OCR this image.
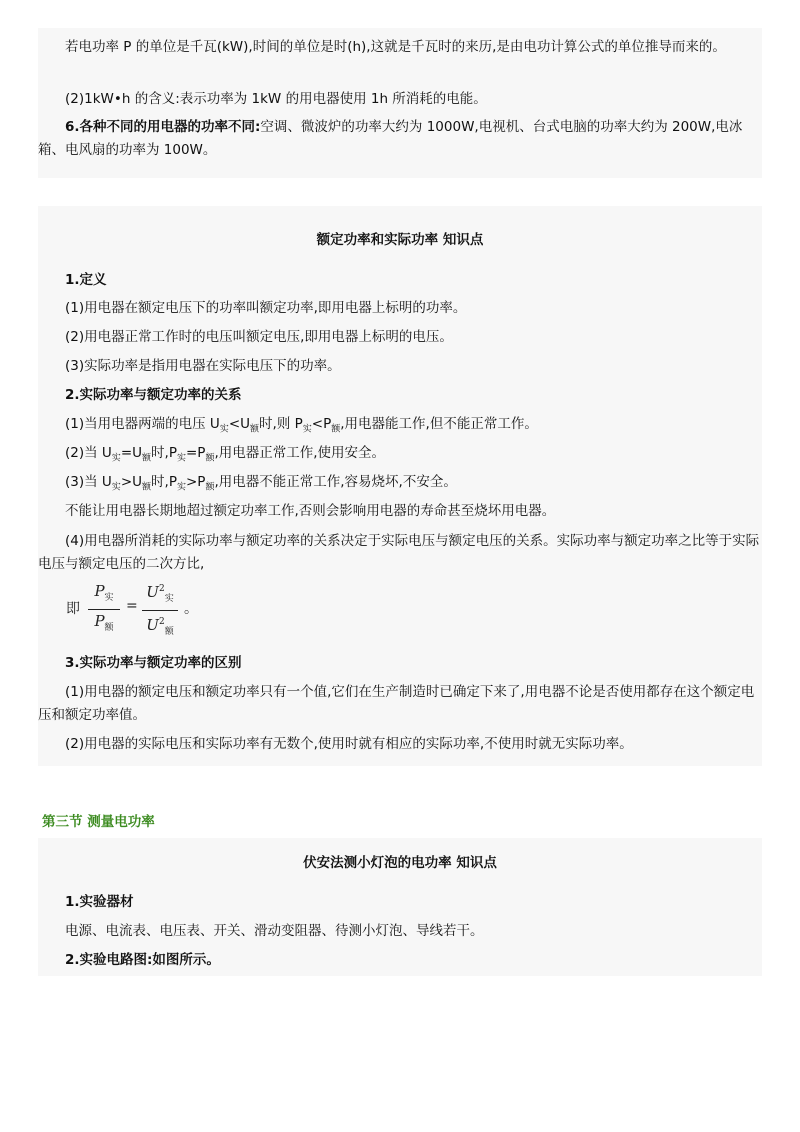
若电功率 P 的单位是千瓦(kW),时间的单位是时(h),这就是千瓦时的来历,是由电功计算公式的单位推导而来的。

(2)1kW•h 的含义:表示功率为 1kW 的用电器使用 1h 所消耗的电能。

6.各种不同的用电器的功率不同:空调、微波炉的功率大约为 1000W,电视机、台式电脑的功率大约为 200W,电冰箱、电风扇的功率为 100W。

额定功率和实际功率 知识点

1.定义

(1)用电器在额定电压下的功率叫额定功率,即用电器上标明的功率。

(2)用电器正常工作时的电压叫额定电压,即用电器上标明的电压。

(3)实际功率是指用电器在实际电压下的功率。

2.实际功率与额定功率的关系

(1)当用电器两端的电压 $U_实<U_额$时,则 $P_实<P_额$,用电器能工作,但不能正常工作。

(2)当 $U_实=U_额$时$,P_实=P_额$,用电器正常工作,使用安全。

(3)当 $U_实>U_额$时$,P_实>P_额$,用电器不能正常工作,容易烧坏,不安全。

不能让用电器长期地超过额定功率工作,否则会影响用电器的寿命甚至烧坏用电器。

(4)用电器所消耗的实际功率与额定功率的关系决定于实际电压与额定电压的关系。实际功率与额定功率之比等于实际电压与额定电压的二次方比,

即
$P_实$
$P_额$
=
$U^2_实$
$U^2_额$
。

3.实际功率与额定功率的区别

(1)用电器的额定电压和额定功率只有一个值,它们在生产制造时已确定下来了,用电器不论是否使用都存在这个额定电压和额定功率值。

(2)用电器的实际电压和实际功率有无数个,使用时就有相应的实际功率,不使用时就无实际功率。

第三节 测量电功率

伏安法测小灯泡的电功率 知识点

1.实验器材

电源、电流表、电压表、开关、滑动变阻器、待测小灯泡、导线若干。

2.实验电路图:如图所示。
